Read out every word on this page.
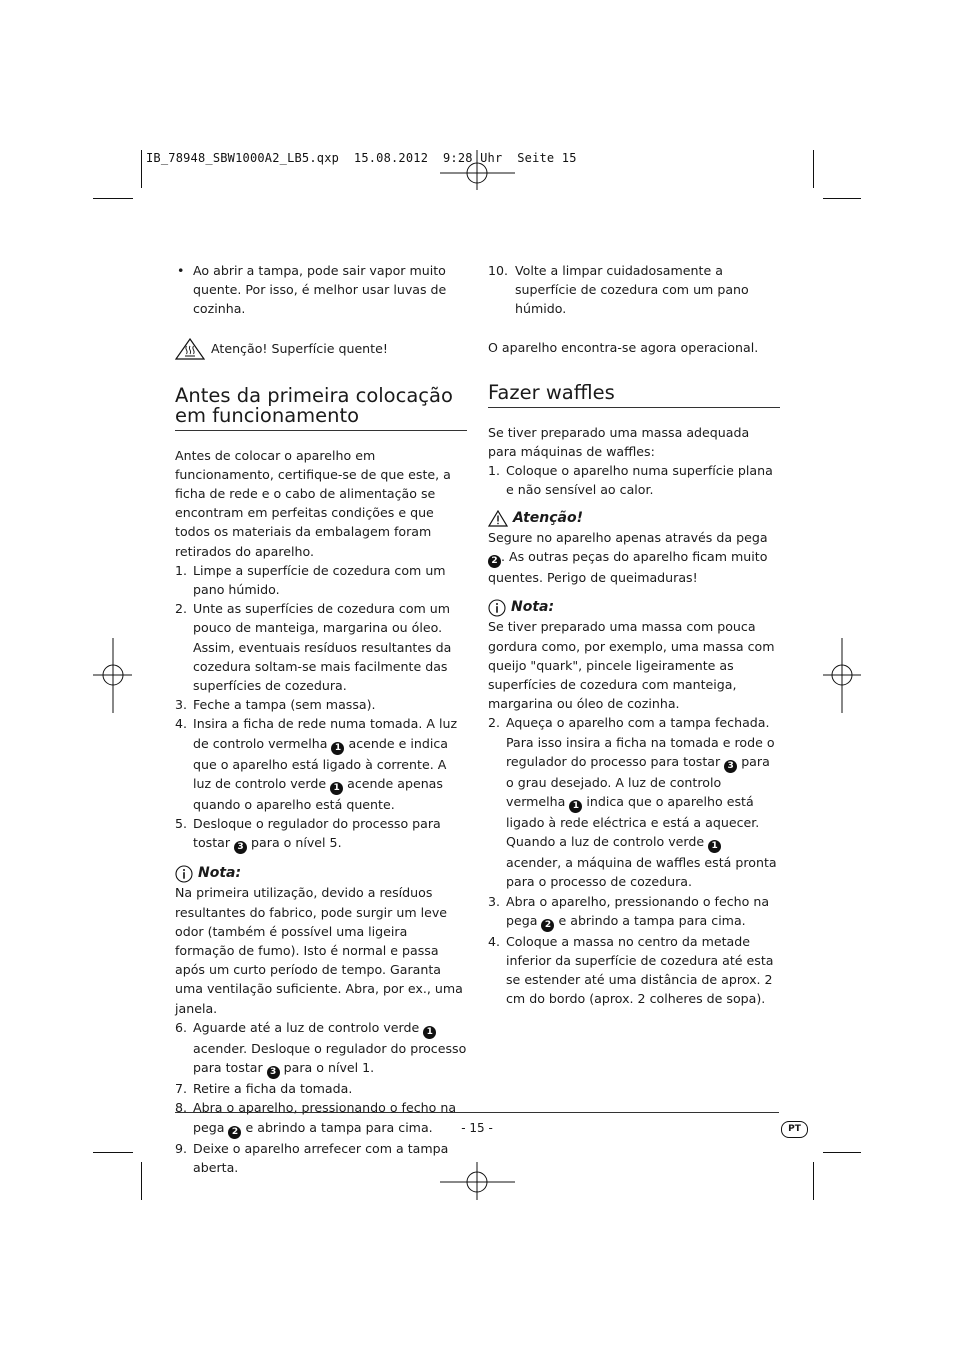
IB_78948_SBW1000A2_LB5.qxp  15.08.2012  9:28 Uhr  Seite 15
• Ao abrir a tampa, pode sair vapor muito quente. Por isso, é melhor usar luvas de cozinha.

Atenção! Superfície quente!
Antes da primeira colocação em funcionamento

Antes de colocar o aparelho em funcionamento, certifique-se de que este, a ficha de rede e o cabo de alimentação se encontram em perfeitas condições e que todos os materiais da embalagem foram retirados do aparelho.

1. Limpe a superfície de cozedura com um pano húmido.
2. Unte as superfícies de cozedura com um pouco de manteiga, margarina ou óleo. Assim, eventuais resíduos resultantes da cozedura soltam-se mais facilmente das superfícies de cozedura.
3. Feche a tampa (sem massa).
4. Insira a ficha de rede numa tomada. A luz de controlo vermelha 1 acende e indica que o aparelho está ligado à corrente. A luz de controlo verde 1 acende apenas quando o aparelho está quente.
5. Desloque o regulador do processo para tostar 3 para o nível 5.
Nota:

Na primeira utilização, devido a resíduos resultantes do fabrico, pode surgir um leve odor (também é possível uma ligeira formação de fumo). Isto é normal e passa após um curto período de tempo. Garanta uma ventilação suficiente. Abra, por ex., uma janela.

6. Aguarde até a luz de controlo verde 1 acender. Desloque o regulador do processo para tostar 3 para o nível 1.
7. Retire a ficha da tomada.
8. Abra o aparelho, pressionando o fecho na pega 2 e abrindo a tampa para cima.
9. Deixe o aparelho arrefecer com a tampa aberta.
10. Volte a limpar cuidadosamente a superfície de cozedura com um pano húmido.

O aparelho encontra-se agora operacional.

Fazer waffles

Se tiver preparado uma massa adequada para máquinas de waffles:

1. Coloque o aparelho numa superfície plana e não sensível ao calor.
Atenção!

Segure no aparelho apenas através da pega 2 . As outras peças do aparelho ficam muito quentes. Perigo de queimaduras!

Nota:

Se tiver preparado uma massa com pouca gordura como, por exemplo, uma massa com queijo "quark", pincele ligeiramente as superfícies de cozedura com manteiga, margarina ou óleo de cozinha.

2. Aqueça o aparelho com a tampa fechada. Para isso insira a ficha na tomada e rode o regulador do processo para tostar 3 para o grau desejado. A luz de controlo vermelha 1 indica que o aparelho está ligado à rede eléctrica e está a aquecer. Quando a luz de controlo verde 1 acender, a máquina de waffles está pronta para o processo de cozedura.
3. Abra o aparelho, pressionando o fecho na pega 2 e abrindo a tampa para cima.
4. Coloque a massa no centro da metade inferior da superfície de cozedura até esta se estender até uma distância de aprox. 2 cm do bordo (aprox. 2 colheres de sopa).
- 15 -	PT
